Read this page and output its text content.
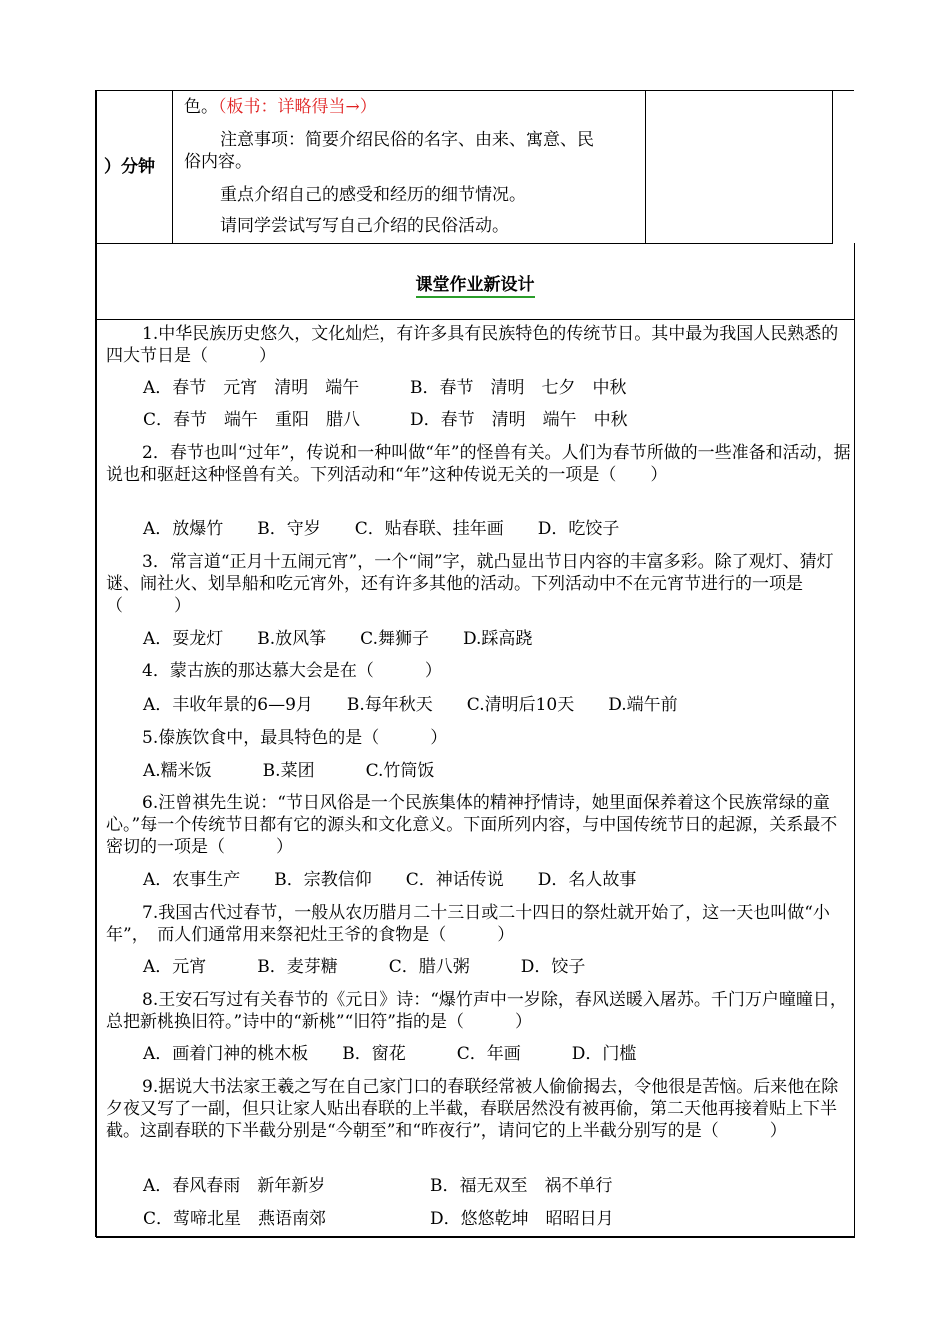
）分钟
色。（板书：详略得当→）
注意事项：简要介绍民俗的名字、由来、寓意、民
俗内容。
重点介绍自己的感受和经历的细节情况。
请同学尝试写写自己介绍的民俗活动。
课堂作业新设计
1.中华民族历史悠久，文化灿烂，有许多具有民族特色的传统节日。其中最为我国人民熟悉的四大节日是（　　　）
A．春节　元宵　清明　端午	B．春节　清明　七夕　中秋
C．春节　端午　重阳　腊八	D．春节　清明　端午　中秋
2．春节也叫“过年”，传说和一种叫做“年”的怪兽有关。人们为春节所做的一些准备和活动，据说也和驱赶这种怪兽有关。下列活动和“年”这种传说无关的一项是（　　）
A．放爆竹　　B．守岁　　C．贴春联、挂年画　　D．吃饺子
3．常言道“正月十五闹元宵”，一个“闹”字，就凸显出节日内容的丰富多彩。除了观灯、猜灯谜、闹社火、划旱船和吃元宵外，还有许多其他的活动。下列活动中不在元宵节进行的一项是（　　　）
A．耍龙灯　　B.放风筝　　C.舞狮子　　D.踩高跷
4．蒙古族的那达慕大会是在（　　　）
A．丰收年景的6—9月　　B.每年秋天　　C.清明后10天　　D.端午前
5.傣族饮食中，最具特色的是（　　　）
A.糯米饭　　　B.菜团　　　C.竹筒饭
6.汪曾祺先生说：“节日风俗是一个民族集体的精神抒情诗，她里面保养着这个民族常绿的童心。”每一个传统节日都有它的源头和文化意义。下面所列内容，与中国传统节日的起源，关系最不密切的一项是（　　　）
A．农事生产　　B．宗教信仰　　C．神话传说　　D．名人故事
7.我国古代过春节，一般从农历腊月二十三日或二十四日的祭灶就开始了，这一天也叫做“小年”，　而人们通常用来祭祀灶王爷的食物是（　　　）
A．元宵　　　B．麦芽糖　　　C．腊八粥　　　D．饺子
8.王安石写过有关春节的《元日》诗：“爆竹声中一岁除，春风送暖入屠苏。千门万户曈曈日，总把新桃换旧符。”诗中的“新桃”“旧符”指的是（　　　）
A．画着门神的桃木板　　B．窗花　　　C．年画　　　D．门槛
9.据说大书法家王羲之写在自己家门口的春联经常被人偷偷揭去，令他很是苦恼。后来他在除夕夜又写了一副，但只让家人贴出春联的上半截，春联居然没有被再偷，第二天他再接着贴上下半截。这副春联的下半截分别是“今朝至”和“昨夜行”，请问它的上半截分别写的是（　　　）
A．春风春雨　新年新岁	B．福无双至　祸不单行
C．莺啼北星　燕语南郊	D．悠悠乾坤　昭昭日月
